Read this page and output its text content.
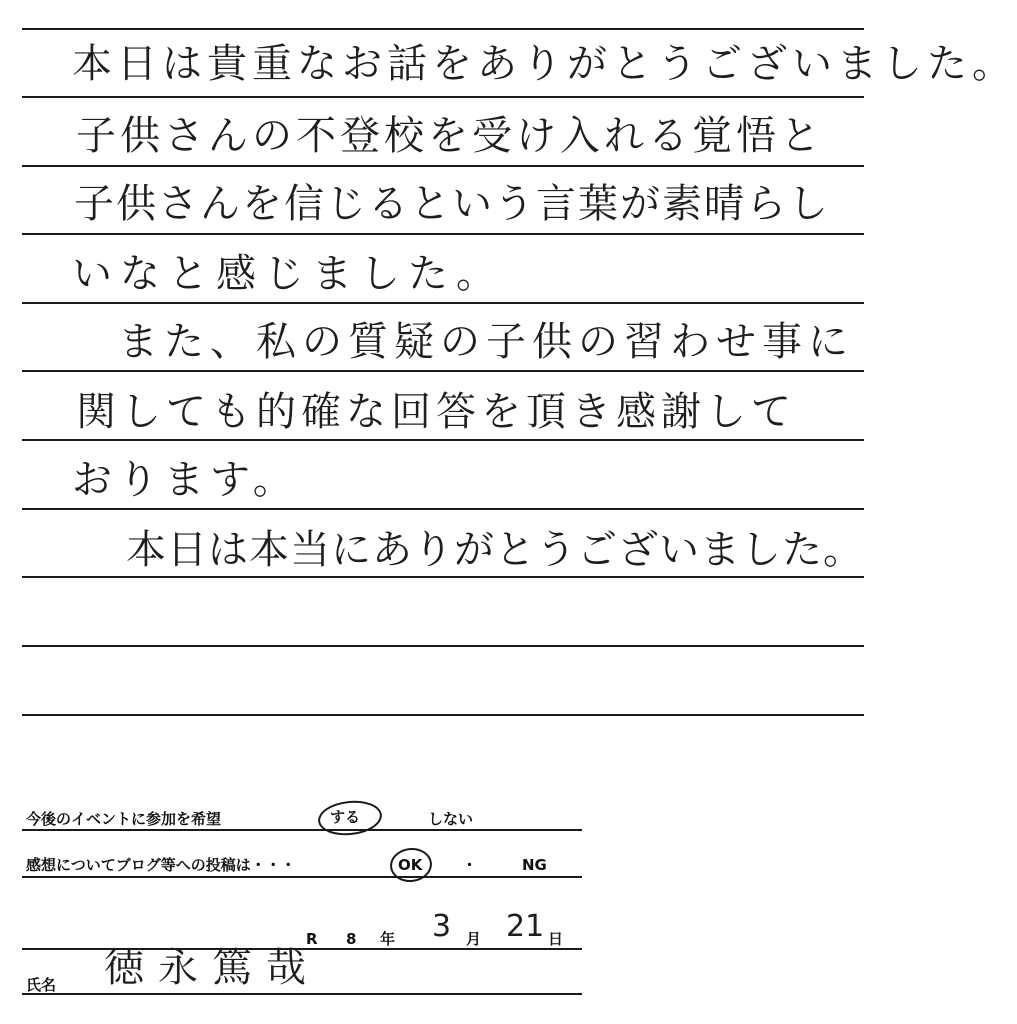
本日は貴重なお話をありがとうございました。
子供さんの不登校を受け入れる覚悟と
子供さんを信じるという言葉が素晴らし
いなと感じました。
また、私の質疑の子供の習わせ事に
関しても的確な回答を頂き感謝して
おります。
本日は本当にありがとうございました。
今後のイベントに参加を希望	する	しない
感想についてブログ等への投稿は・・・	OK	・	NG
R 8 年 3 月 21 日
氏名 徳永篤哉
